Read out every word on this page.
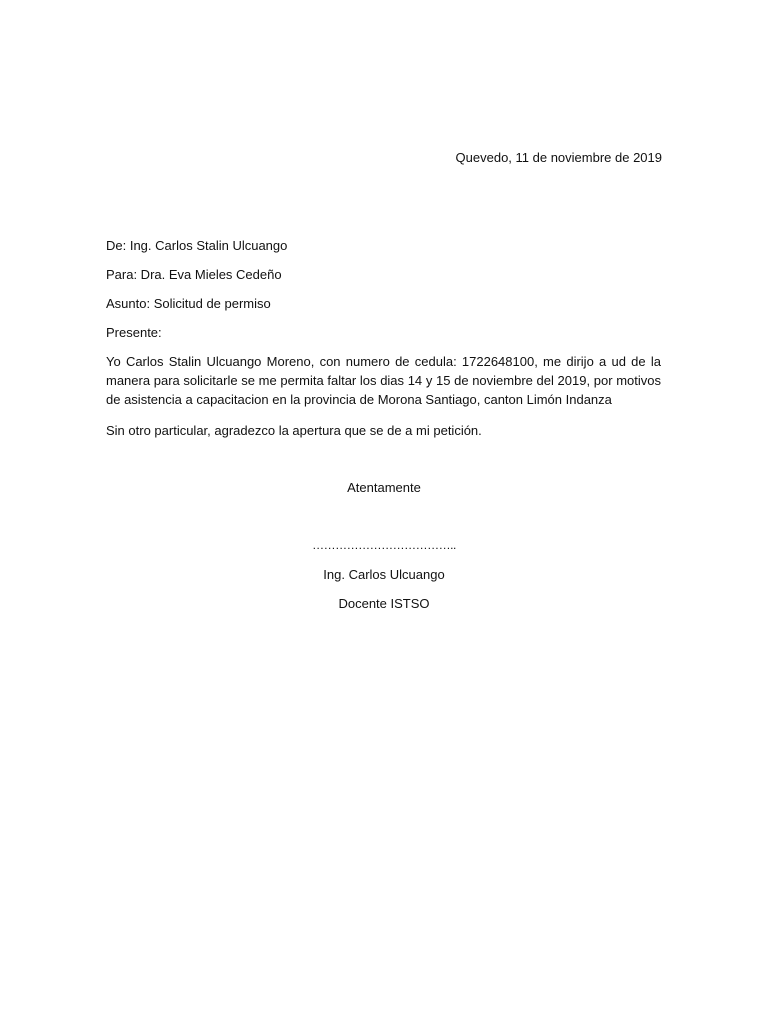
Quevedo, 11 de noviembre de 2019
De: Ing. Carlos Stalin Ulcuango
Para: Dra. Eva Mieles Cedeño
Asunto: Solicitud de permiso
Presente:
Yo Carlos Stalin Ulcuango Moreno, con numero de cedula: 1722648100, me dirijo a ud de la manera para solicitarle se me permita faltar los dias 14 y 15 de noviembre del 2019, por motivos de asistencia a capacitacion en la provincia de Morona Santiago, canton Limón Indanza
Sin otro particular, agradezco la apertura que se de a mi petición.
Atentamente
………………………………..
Ing. Carlos Ulcuango
Docente ISTSO
